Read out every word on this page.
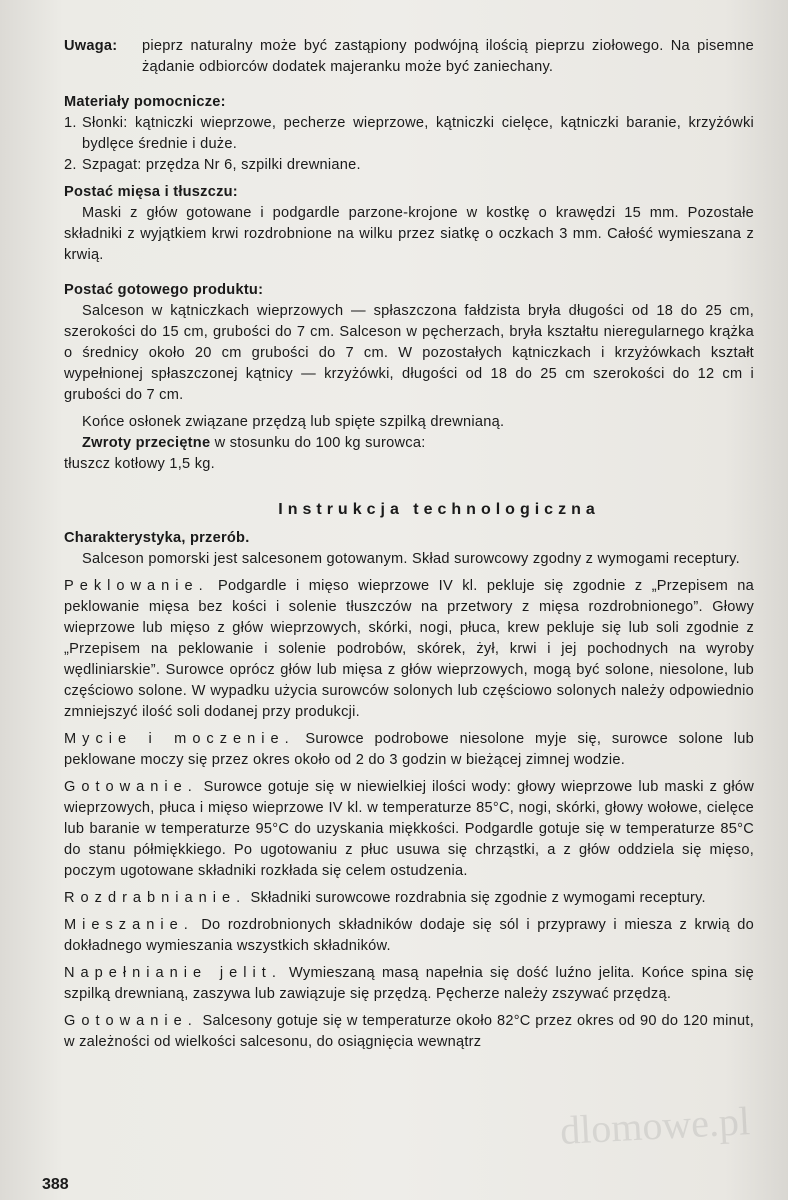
Uwaga:	pieprz naturalny może być zastąpiony podwójną ilością pieprzu ziołowego. Na pisemne żądanie odbiorców dodatek majeranku może być zaniechany.

Materiały pomocnicze:

1. Słonki: kątniczki wieprzowe, pecherze wieprzowe, kątniczki cielęce, kątniczki baranie, krzyżówki bydlęce średnie i duże.
2. Szpagat: przędza Nr 6, szpilki drewniane.

Postać mięsa i tłuszczu:

Maski z głów gotowane i podgardle parzone-krojone w kostkę o krawędzi 15 mm. Pozostałe składniki z wyjątkiem krwi rozdrobnione na wilku przez siatkę o oczkach 3 mm. Całość wymieszana z krwią.

Postać gotowego produktu:

Salceson w kątniczkach wieprzowych — spłaszczona fałdzista bryła długości od 18 do 25 cm, szerokości do 15 cm, grubości do 7 cm. Salceson w pęcherzach, bryła kształtu nieregularnego krążka o średnicy około 20 cm grubości do 7 cm. W pozostałych kątniczkach i krzyżówkach kształt wypełnionej spłaszczonej kątnicy — krzyżówki, długości od 18 do 25 cm szerokości do 12 cm i grubości do 7 cm.

Końce osłonek związane przędzą lub spięte szpilką drewnianą.

Zwroty przeciętne w stosunku do 100 kg surowca:

tłuszcz kotłowy 1,5 kg.

Instrukcja technologiczna

Charakterystyka, przerób.

Salceson pomorski jest salcesonem gotowanym. Skład surowcowy zgodny z wymogami receptury.

Peklowanie. Podgardle i mięso wieprzowe IV kl. pekluje się zgodnie z „Przepisem na peklowanie mięsa bez kości i solenie tłuszczów na przetwory z mięsa rozdrobnionego”. Głowy wieprzowe lub mięso z głów wieprzowych, skórki, nogi, płuca, krew pekluje się lub soli zgodnie z „Przepisem na peklowanie i solenie podrobów, skórek, żył, krwi i jej pochodnych na wyroby wędliniarskie”. Surowce oprócz głów lub mięsa z głów wieprzowych, mogą być solone, niesolone, lub częściowo solone. W wypadku użycia surowców solonych lub częściowo solonych należy odpowiednio zmniejszyć ilość soli dodanej przy produkcji.

Mycie i moczenie. Surowce podrobowe niesolone myje się, surowce solone lub peklowane moczy się przez okres około od 2 do 3 godzin w bieżącej zimnej wodzie.

Gotowanie. Surowce gotuje się w niewielkiej ilości wody: głowy wieprzowe lub maski z głów wieprzowych, płuca i mięso wieprzowe IV kl. w temperaturze 85°C, nogi, skórki, głowy wołowe, cielęce lub baranie w temperaturze 95°C do uzyskania miękkości. Podgardle gotuje się w temperaturze 85°C do stanu półmiękkiego. Po ugotowaniu z płuc usuwa się chrząstki, a z głów oddziela się mięso, poczym ugotowane składniki rozkłada się celem ostudzenia.

Rozdrabnianie. Składniki surowcowe rozdrabnia się zgodnie z wymogami receptury.

Mieszanie. Do rozdrobnionych składników dodaje się sól i przyprawy i miesza z krwią do dokładnego wymieszania wszystkich składników.

Napełnianie jelit. Wymieszaną masą napełnia się dość luźno jelita. Końce spina się szpilką drewnianą, zaszywa lub zawiązuje się przędzą. Pęcherze należy zszywać przędzą.

Gotowanie. Salcesony gotuje się w temperaturze około 82°C przez okres od 90 do 120 minut, w zależności od wielkości salcesonu, do osiągnięcia wewnątrz

dlomowe.pl
388
